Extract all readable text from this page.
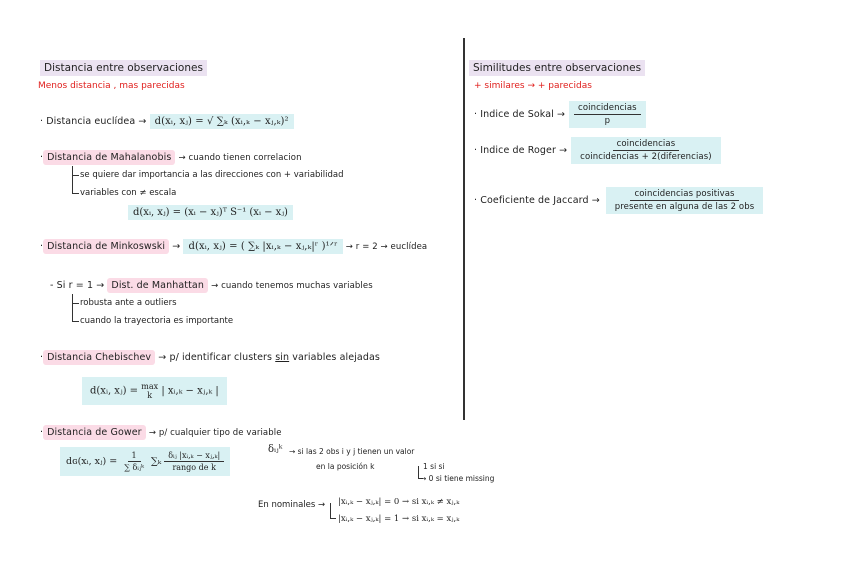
Distancia entre observaciones
Menos distancia , mas parecidas
· Distancia euclídea → d(xᵢ, xⱼ) = √ ∑ₖ (xᵢ,ₖ − xⱼ,ₖ)²
· Distancia de Mahalanobis → cuando tienen correlacion
se quiere dar importancia a las direcciones con + variabilidad
variables con ≠ escala
d(xᵢ, xⱼ) = (xᵢ − xⱼ)ᵀ S⁻¹ (xᵢ − xⱼ)
· Distancia de Minkoswski → d(xᵢ, xⱼ) = ( ∑ₖ |xᵢ,ₖ − xⱼ,ₖ|ʳ )¹ᐟʳ → r = 2 → euclídea
- Si r = 1 → Dist. de Manhattan → cuando tenemos muchas variables
robusta ante a outliers
cuando la trayectoria es importante
· Distancia Chebischev → p/ identificar clusters sin variables alejadas
d(xᵢ, xⱼ) = max
k | xᵢ,ₖ − xⱼ,ₖ |
· Distancia de Gower → p/ cualquier tipo de variable
dɢ(xᵢ, xⱼ) = $\frac{1}{\text{∑ δᵢⱼᵏ}} \sum_k \frac{\text{δᵢⱼ |xᵢ,ₖ − xⱼ,ₖ|}}{\text{rango de k}}$
δᵢⱼᵏ → si las 2 obs i y j tienen un valor
en la posición k	1 si si
→ 0 si tiene missing
En nominales → |xᵢ,ₖ − xⱼ,ₖ| = 0 → si xᵢ,ₖ ≠ xⱼ,ₖ
|xᵢ,ₖ − xⱼ,ₖ| = 1 → si xᵢ,ₖ = xⱼ,ₖ
Similitudes entre observaciones
+ similares → + parecidas
· Indice de Sokal → $\frac{\text{coincidencias}}{p}$
· Indice de Roger → $\frac{\text{coincidencias}}{\text{coincidencias + 2(diferencias)}}$
· Coeficiente de Jaccard → $\frac{\text{coincidencias positivas}}{\text{presente en alguna de las 2 obs}}$
